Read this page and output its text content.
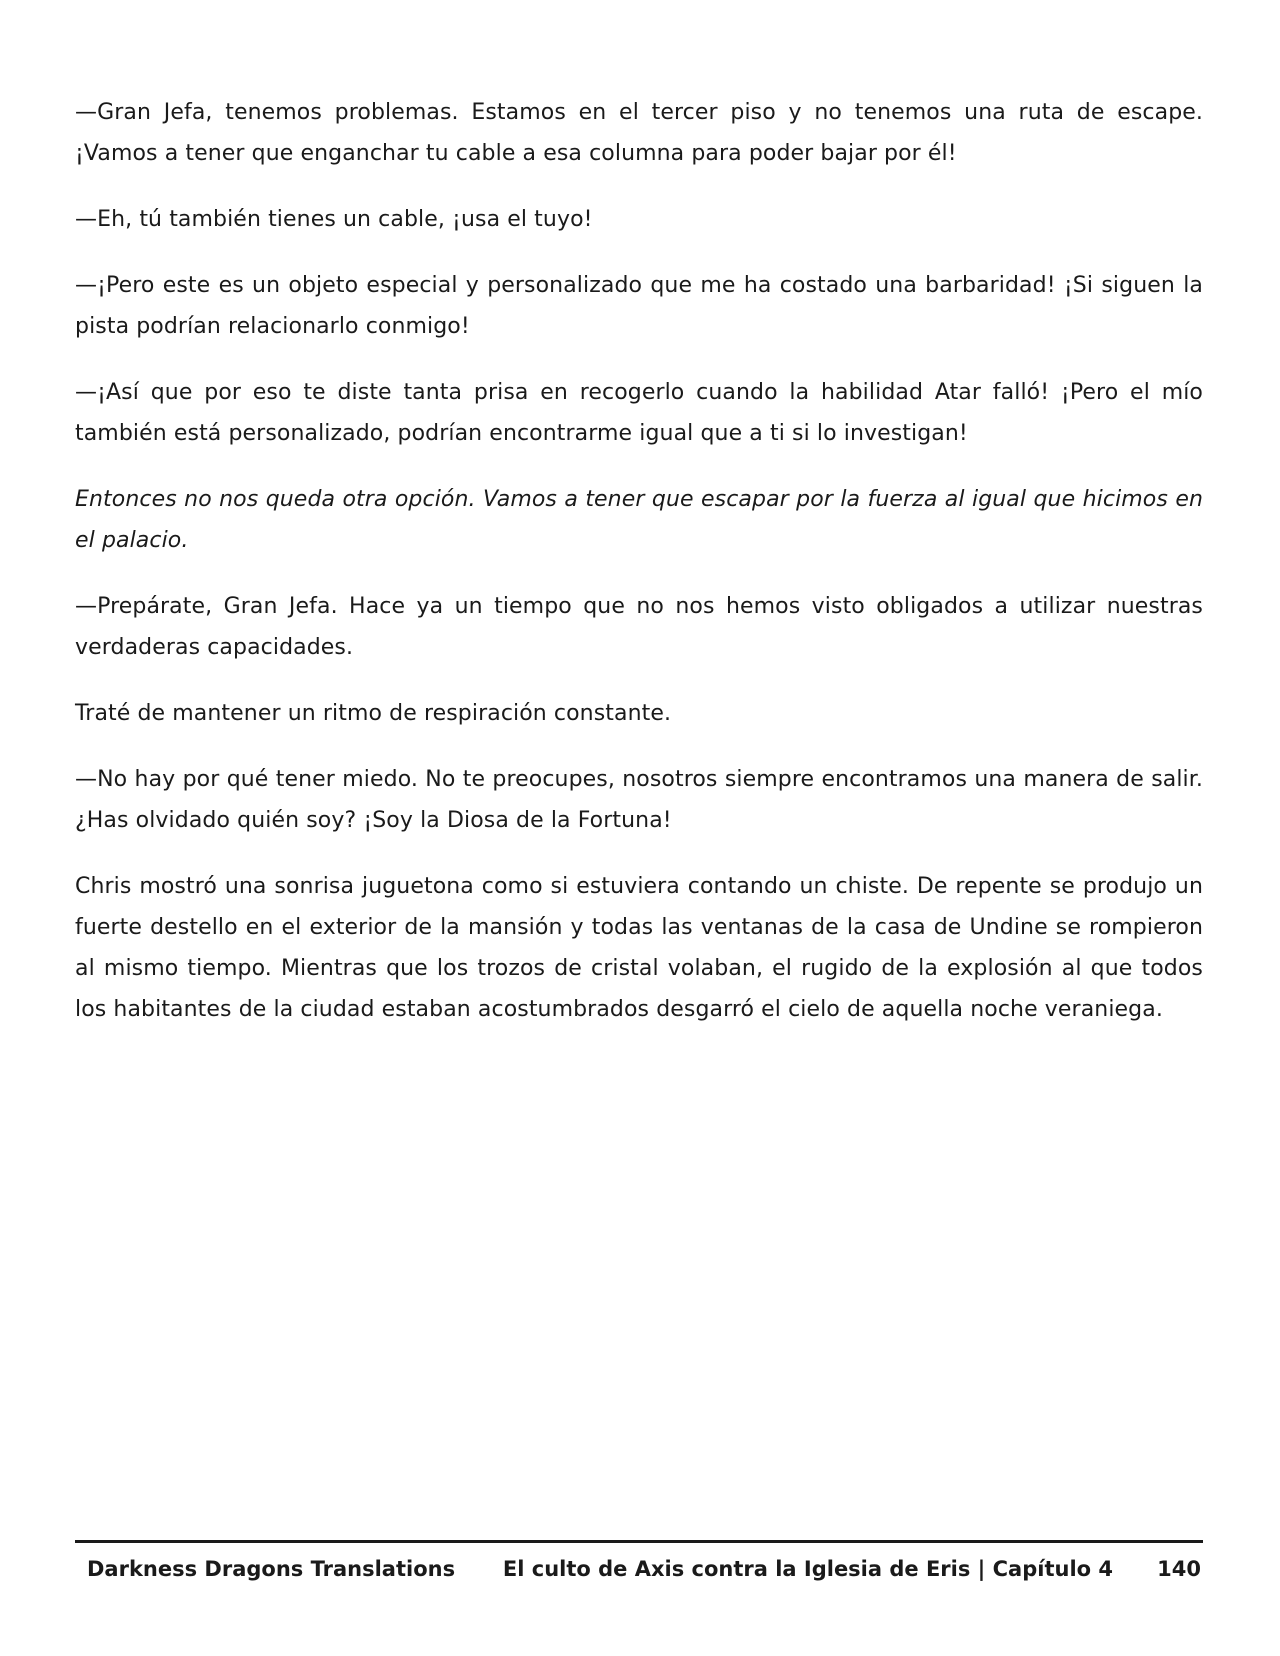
—Gran Jefa, tenemos problemas. Estamos en el tercer piso y no tenemos una ruta de escape. ¡Vamos a tener que enganchar tu cable a esa columna para poder bajar por él!

—Eh, tú también tienes un cable, ¡usa el tuyo!

—¡Pero este es un objeto especial y personalizado que me ha costado una barbaridad! ¡Si siguen la pista podrían relacionarlo conmigo!

—¡Así que por eso te diste tanta prisa en recogerlo cuando la habilidad Atar falló! ¡Pero el mío también está personalizado, podrían encontrarme igual que a ti si lo investigan!

Entonces no nos queda otra opción. Vamos a tener que escapar por la fuerza al igual que hicimos en el palacio.

—Prepárate, Gran Jefa. Hace ya un tiempo que no nos hemos visto obligados a utilizar nuestras verdaderas capacidades.

Traté de mantener un ritmo de respiración constante.

—No hay por qué tener miedo. No te preocupes, nosotros siempre encontramos una manera de salir. ¿Has olvidado quién soy? ¡Soy la Diosa de la Fortuna!

Chris mostró una sonrisa juguetona como si estuviera contando un chiste. De repente se produjo un fuerte destello en el exterior de la mansión y todas las ventanas de la casa de Undine se rompieron al mismo tiempo. Mientras que los trozos de cristal volaban, el rugido de la explosión al que todos los habitantes de la ciudad estaban acostumbrados desgarró el cielo de aquella noche veraniega.

Darkness Dragons Translations El culto de Axis contra la Iglesia de Eris | Capítulo 4 140
